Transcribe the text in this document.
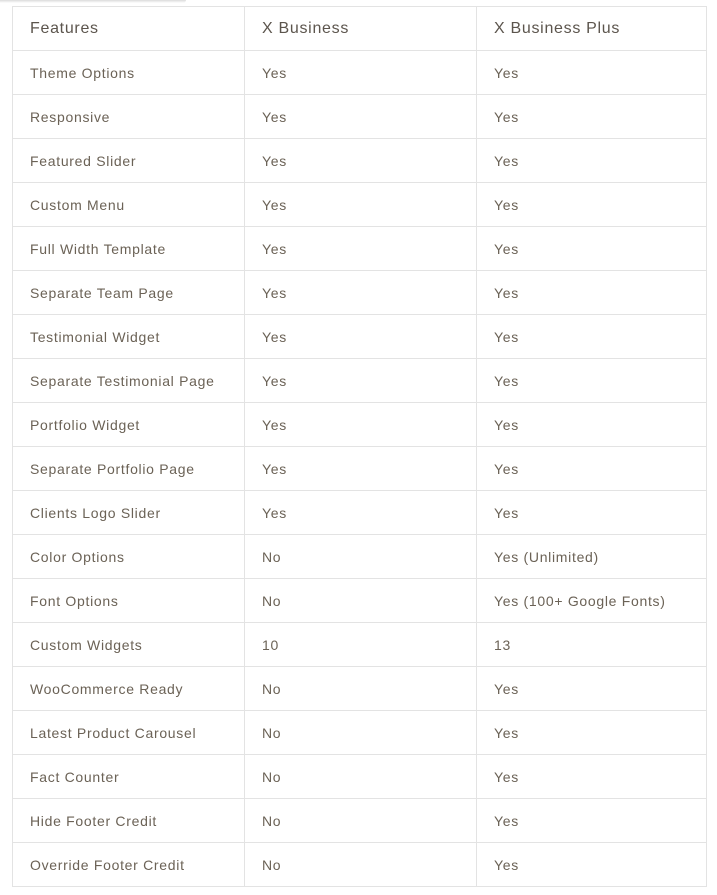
Features	X Business	X Business Plus
Theme Options	Yes	Yes
Responsive	Yes	Yes
Featured Slider	Yes	Yes
Custom Menu	Yes	Yes
Full Width Template	Yes	Yes
Separate Team Page	Yes	Yes
Testimonial Widget	Yes	Yes
Separate Testimonial Page	Yes	Yes
Portfolio Widget	Yes	Yes
Separate Portfolio Page	Yes	Yes
Clients Logo Slider	Yes	Yes
Color Options	No	Yes (Unlimited)
Font Options	No	Yes (100+ Google Fonts)
Custom Widgets	10	13
WooCommerce Ready	No	Yes
Latest Product Carousel	No	Yes
Fact Counter	No	Yes
Hide Footer Credit	No	Yes
Override Footer Credit	No	Yes
